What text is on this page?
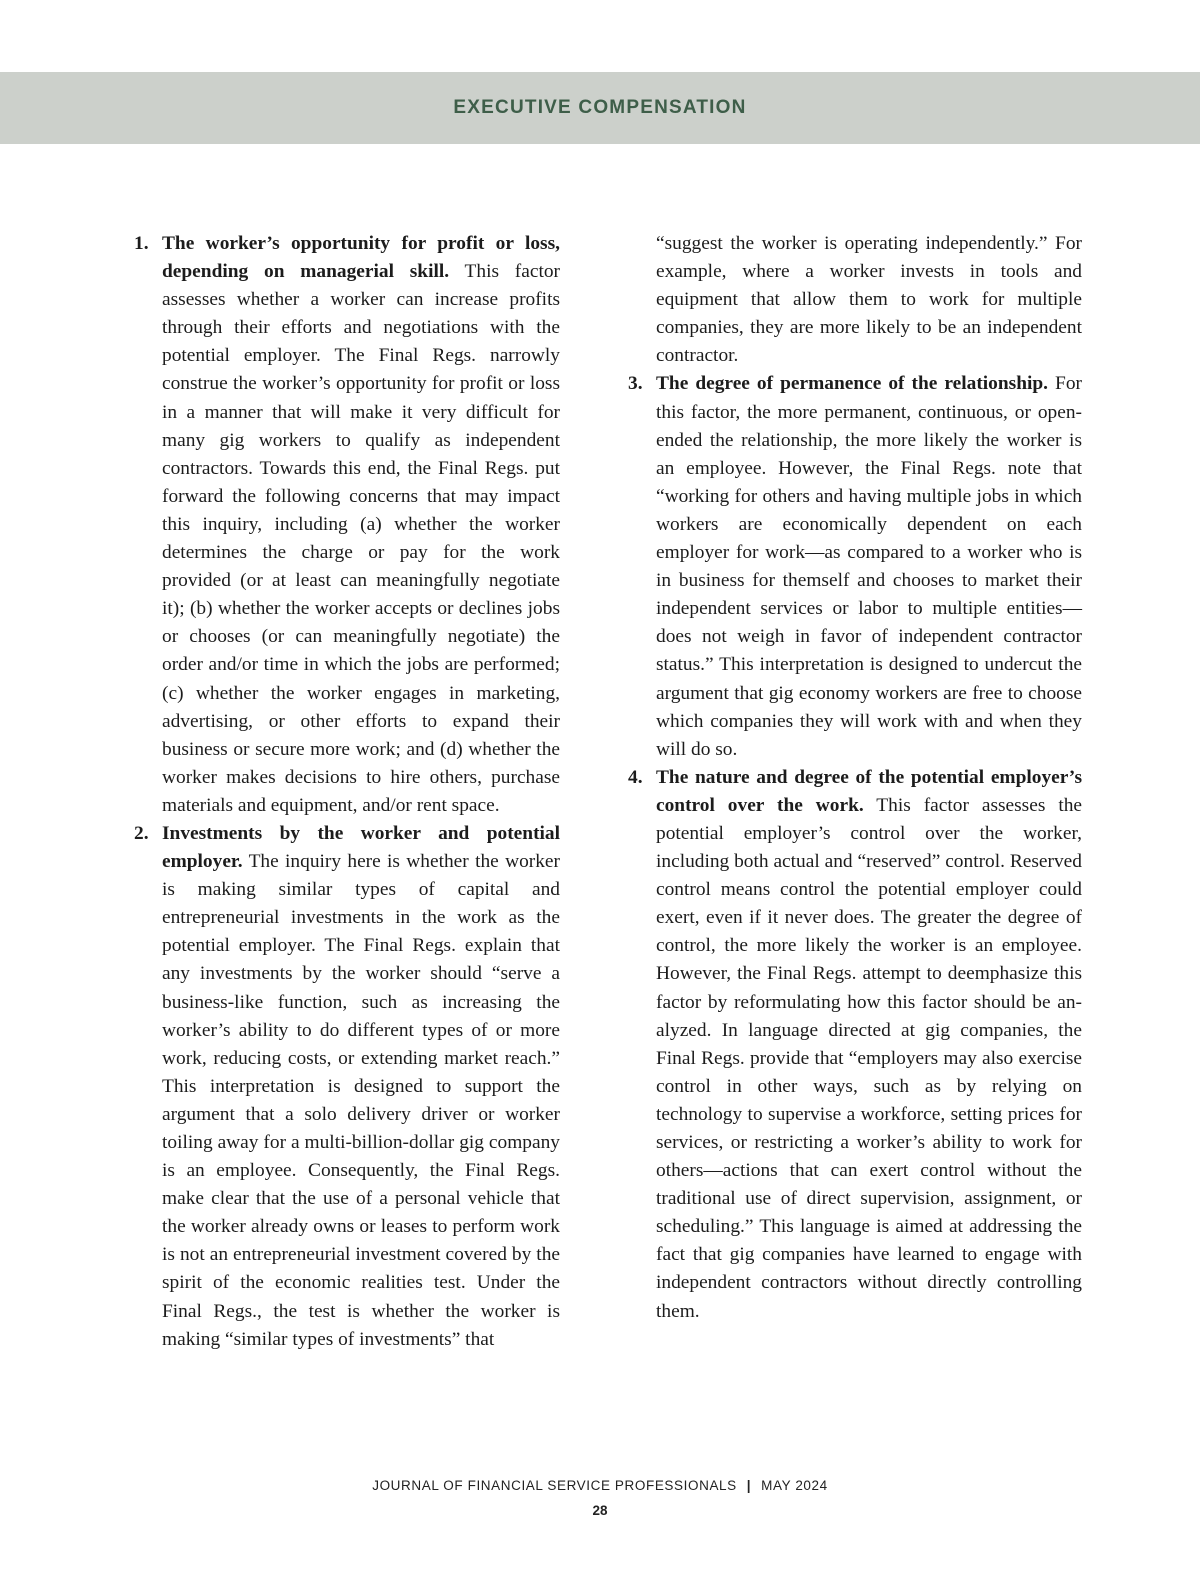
EXECUTIVE COMPENSATION
1. The worker’s opportunity for profit or loss, depending on managerial skill. This factor assesses whether a worker can increase profits through their efforts and negotiations with the potential employer. The Final Regs. narrowly construe the worker’s opportunity for profit or loss in a manner that will make it very difficult for many gig workers to qualify as independent contractors. Towards this end, the Final Regs. put forward the following concerns that may impact this inquiry, including (a) whether the worker determines the charge or pay for the work provided (or at least can meaningfully negotiate it); (b) whether the worker accepts or declines jobs or chooses (or can meaningfully negotiate) the order and/or time in which the jobs are performed; (c) whether the worker engages in marketing, advertising, or other efforts to expand their business or secure more work; and (d) whether the worker makes decisions to hire others, purchase materials and equipment, and/or rent space.

2. Investments by the worker and potential employer. The inquiry here is whether the worker is making similar types of capital and entrepreneurial investments in the work as the potential employer. The Final Regs. explain that any investments by the worker should “serve a business-like function, such as increasing the worker’s ability to do different types of or more work, reducing costs, or extending market reach.” This interpretation is designed to support the argument that a solo delivery driver or worker toiling away for a multi-billion-dollar gig company is an employee. Consequently, the Final Regs. make clear that the use of a personal vehicle that the worker already owns or leases to perform work is not an entrepreneurial investment covered by the spirit of the economic realities test. Under the Final Regs., the test is whether the worker is making “similar types of investments” that

“suggest the worker is operating independently.” For example, where a worker invests in tools and equipment that allow them to work for multiple companies, they are more likely to be an independent contractor.

3. The degree of permanence of the relationship. For this factor, the more permanent, continuous, or open-ended the relationship, the more likely the worker is an employee. However, the Final Regs. note that “working for others and having multiple jobs in which workers are economically dependent on each employer for work—as compared to a worker who is in business for themself and chooses to market their independent services or labor to multiple entities—does not weigh in favor of independent contractor status.” This interpretation is designed to undercut the argument that gig economy workers are free to choose which companies they will work with and when they will do so.

4. The nature and degree of the potential employer’s control over the work. This factor assesses the potential employer’s control over the worker, including both actual and “reserved” control. Reserved control means control the potential employer could exert, even if it never does. The greater the degree of control, the more likely the worker is an employee. However, the Final Regs. attempt to deemphasize this factor by reformulating how this factor should be analyzed. In language directed at gig companies, the Final Regs. provide that “employers may also exercise control in other ways, such as by relying on technology to supervise a workforce, setting prices for services, or restricting a worker’s ability to work for others—actions that can exert control without the traditional use of direct supervision, assignment, or scheduling.” This language is aimed at addressing the fact that gig companies have learned to engage with independent contractors without directly controlling them.

JOURNAL OF FINANCIAL SERVICE PROFESSIONALS | MAY 2024
28
